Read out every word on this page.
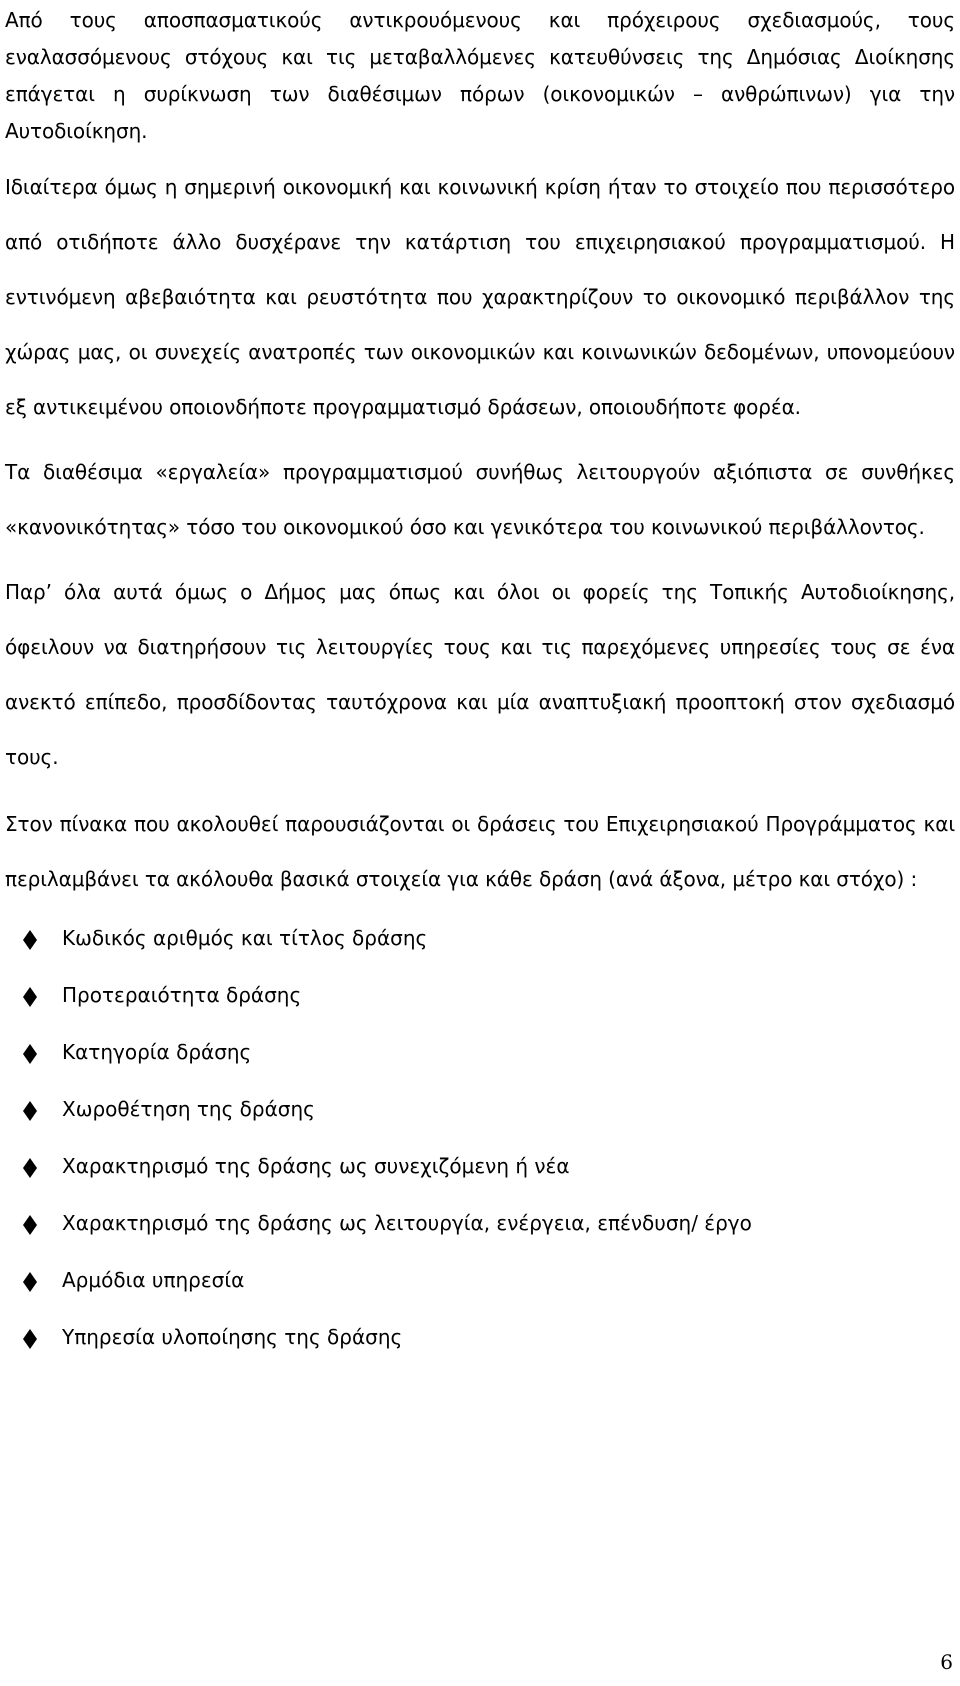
Από τους αποσπασματικούς αντικρουόμενους και πρόχειρους σχεδιασμούς, τους εναλασσόμενους στόχους και τις μεταβαλλόμενες κατευθύνσεις της Δημόσιας Διοίκησης επάγεται η συρίκνωση των διαθέσιμων πόρων (οικονομικών – ανθρώπινων) για την Αυτοδιοίκηση.

Ιδιαίτερα όμως η σημερινή οικονομική και κοινωνική κρίση ήταν το στοιχείο που περισσότερο από οτιδήποτε άλλο δυσχέρανε την κατάρτιση του επιχειρησιακού προγραμματισμού. Η εντινόμενη αβεβαιότητα και ρευστότητα που χαρακτηρίζουν το οικονομικό περιβάλλον της χώρας μας, οι συνεχείς ανατροπές των οικονομικών και κοινωνικών δεδομένων, υπονομεύουν εξ αντικειμένου οποιονδήποτε προγραμματισμό δράσεων, οποιουδήποτε φορέα.

Τα διαθέσιμα «εργαλεία» προγραμματισμού συνήθως λειτουργούν αξιόπιστα σε συνθήκες «κανονικότητας» τόσο του οικονομικού όσο και γενικότερα του κοινωνικού περιβάλλοντος.

Παρ’ όλα αυτά όμως ο Δήμος μας όπως και όλοι οι φορείς της Τοπικής Αυτοδιοίκησης, όφειλουν να διατηρήσουν τις λειτουργίες τους και τις παρεχόμενες υπηρεσίες τους σε ένα ανεκτό επίπεδο, προσδίδοντας ταυτόχρονα και μία αναπτυξιακή προοπτοκή στον σχεδιασμό τους.

Στον πίνακα που ακολουθεί παρουσιάζονται οι δράσεις του Επιχειρησιακού Προγράμματος και περιλαμβάνει τα ακόλουθα βασικά στοιχεία για κάθε δράση (ανά άξονα, μέτρο και στόχο) :

Κωδικός αριθμός και τίτλος δράσης
Προτεραιότητα δράσης
Κατηγορία δράσης
Χωροθέτηση της δράσης
Χαρακτηρισμό της δράσης ως συνεχιζόμενη ή νέα
Χαρακτηρισμό της δράσης ως λειτουργία, ενέργεια, επένδυση/ έργο
Αρμόδια υπηρεσία
Υπηρεσία υλοποίησης της δράσης
6
